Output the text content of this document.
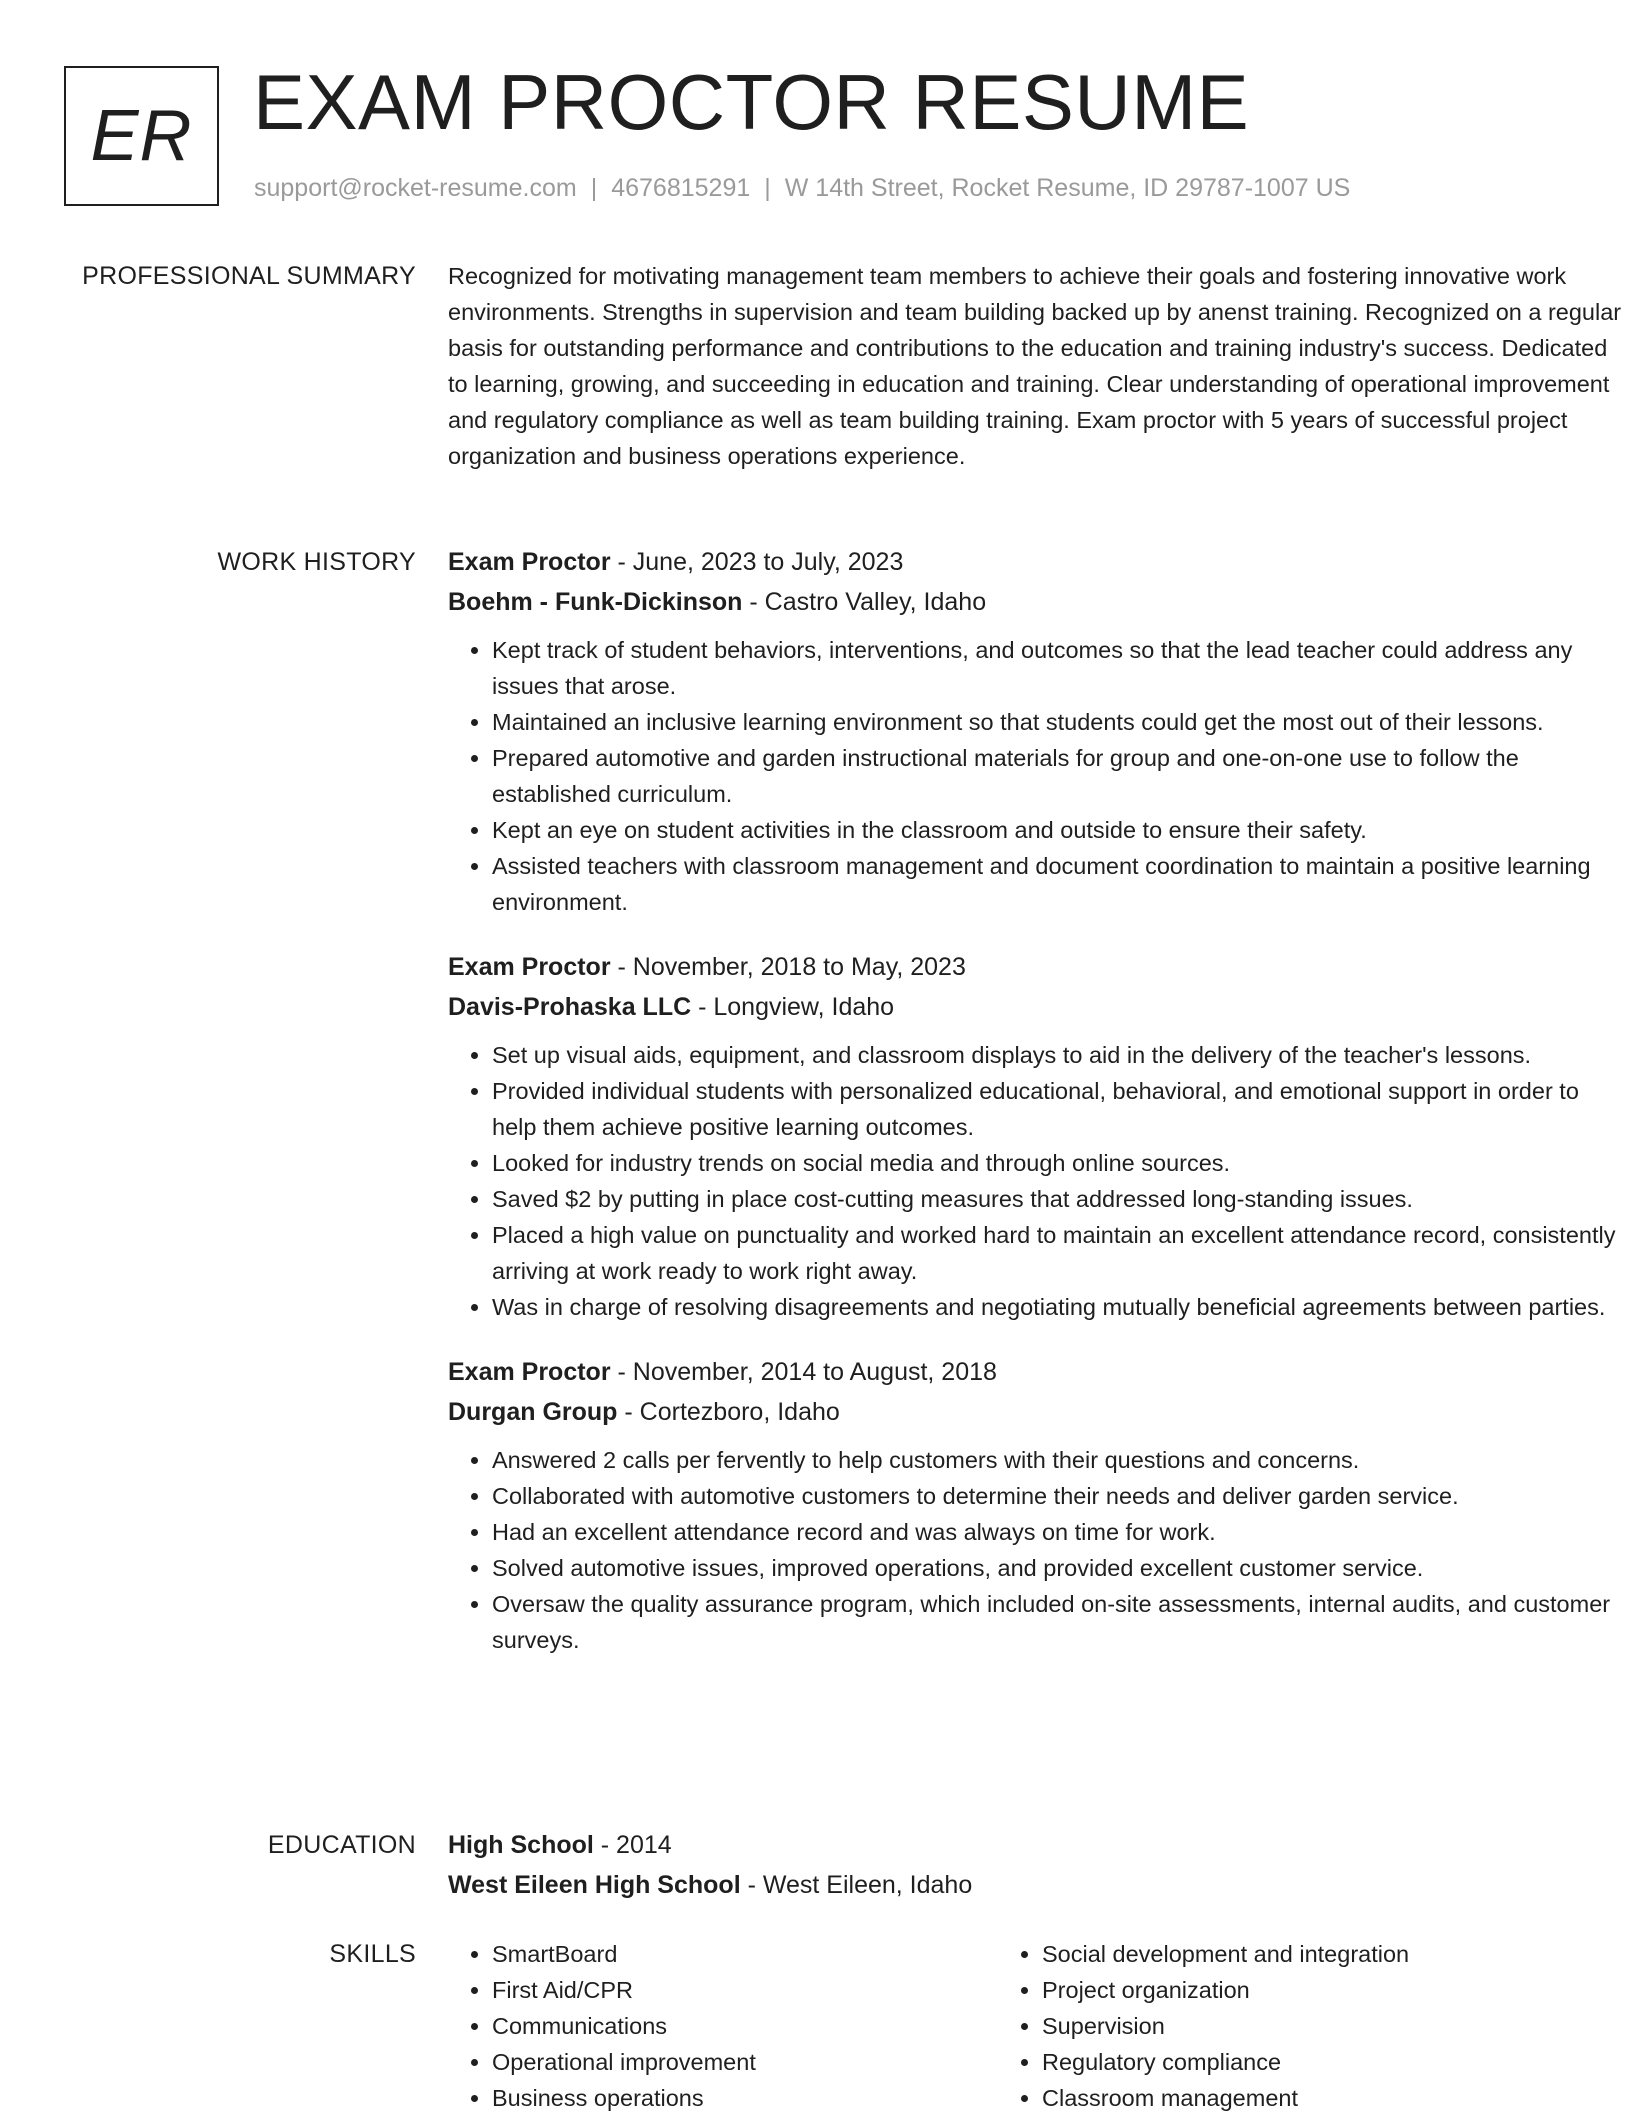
ER EXAM PROCTOR RESUME
support@rocket-resume.com | 4676815291 | W 14th Street, Rocket Resume, ID 29787-1007 US
PROFESSIONAL SUMMARY Recognized for motivating management team members to achieve their goals and fostering innovative work environments. Strengths in supervision and team building backed up by anenst training. Recognized on a regular basis for outstanding performance and contributions to the education and training industry's success. Dedicated to learning, growing, and succeeding in education and training. Clear understanding of operational improvement and regulatory compliance as well as team building training. Exam proctor with 5 years of successful project organization and business operations experience.

WORK HISTORY Exam Proctor - June, 2023 to July, 2023
Boehm - Funk-Dickinson - Castro Valley, Idaho
• Kept track of student behaviors, interventions, and outcomes so that the lead teacher could address any issues that arose.
• Maintained an inclusive learning environment so that students could get the most out of their lessons.
• Prepared automotive and garden instructional materials for group and one-on-one use to follow the established curriculum.
• Kept an eye on student activities in the classroom and outside to ensure their safety.
• Assisted teachers with classroom management and document coordination to maintain a positive learning environment.
Exam Proctor - November, 2018 to May, 2023
Davis-Prohaska LLC - Longview, Idaho
• Set up visual aids, equipment, and classroom displays to aid in the delivery of the teacher's lessons.
• Provided individual students with personalized educational, behavioral, and emotional support in order to help them achieve positive learning outcomes.
• Looked for industry trends on social media and through online sources.
• Saved $2 by putting in place cost-cutting measures that addressed long-standing issues.
• Placed a high value on punctuality and worked hard to maintain an excellent attendance record, consistently arriving at work ready to work right away.
• Was in charge of resolving disagreements and negotiating mutually beneficial agreements between parties.
Exam Proctor - November, 2014 to August, 2018
Durgan Group - Cortezboro, Idaho
• Answered 2 calls per fervently to help customers with their questions and concerns.
• Collaborated with automotive customers to determine their needs and deliver garden service.
• Had an excellent attendance record and was always on time for work.
• Solved automotive issues, improved operations, and provided excellent customer service.
• Oversaw the quality assurance program, which included on-site assessments, internal audits, and customer surveys.
EDUCATION High School - 2014
West Eileen High School - West Eileen, Idaho
SKILLS
•	SmartBoard
• First Aid/CPR
• Communications
• Operational improvement
• Business operations
• Social development and integration
• Project organization
• Supervision
• Regulatory compliance
• Classroom management
